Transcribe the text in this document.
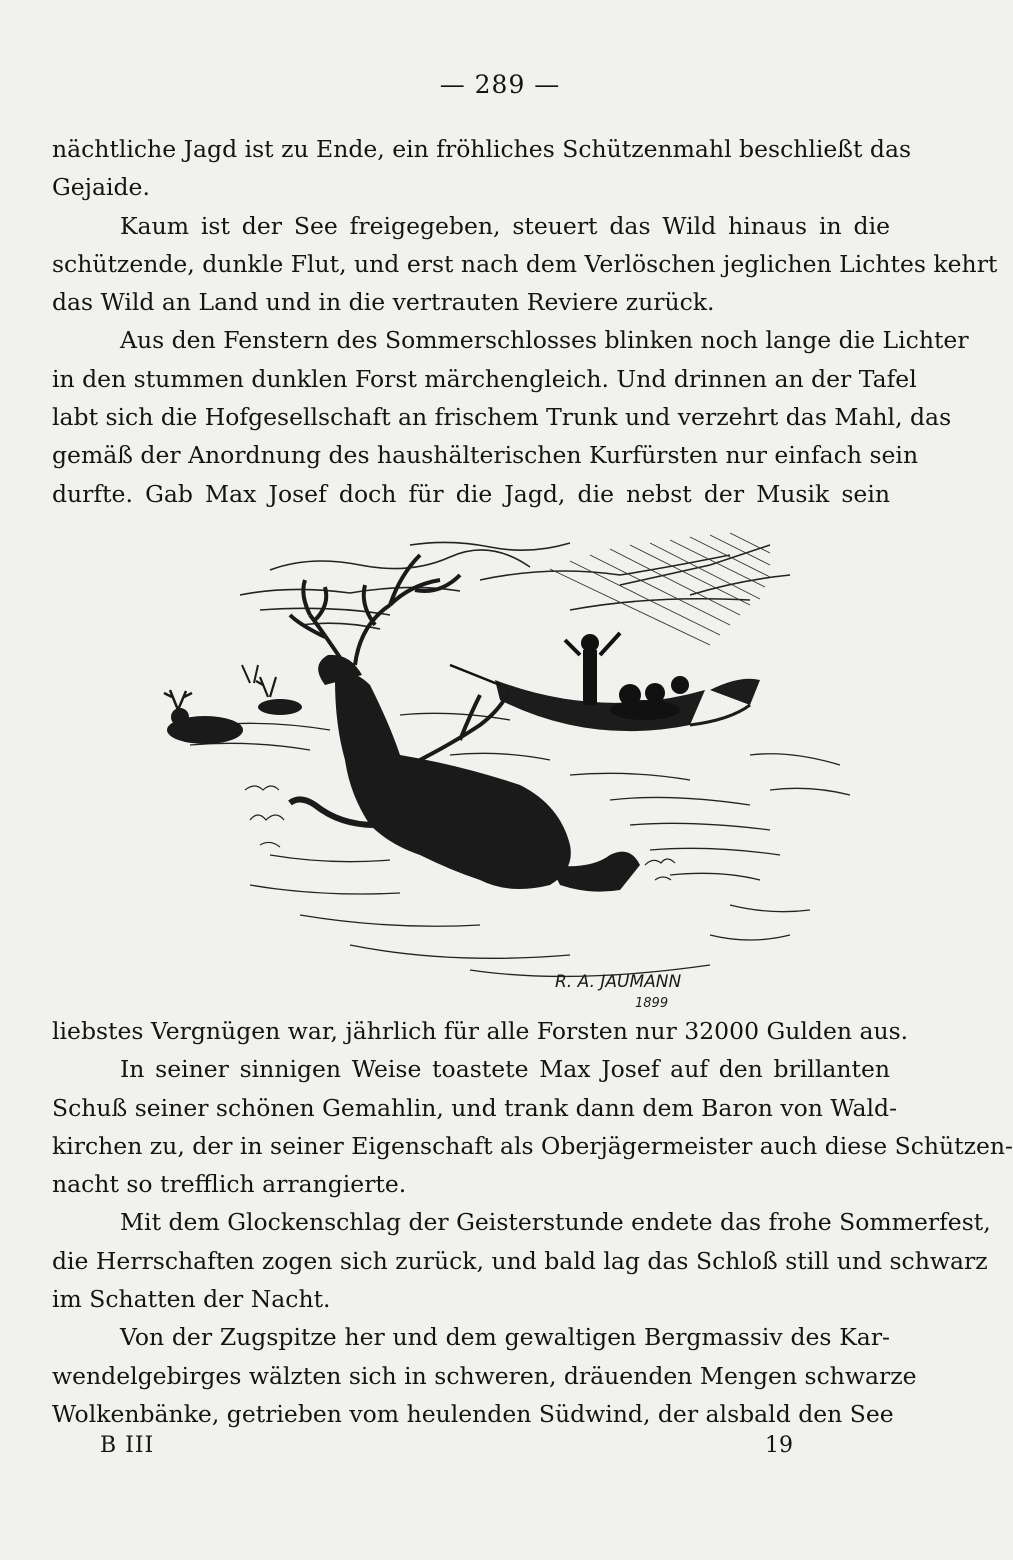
— 289 —
nächtliche Jagd ist zu Ende, ein fröhliches Schützenmahl beschließt das
Gejaide.
Kaum ist der See freigegeben, steuert das Wild hinaus in die
schützende, dunkle Flut, und erst nach dem Verlöschen jeglichen Lichtes kehrt
das Wild an Land und in die vertrauten Reviere zurück.
Aus den Fenstern des Sommerschlosses blinken noch lange die Lichter
in den stummen dunklen Forst märchengleich. Und drinnen an der Tafel
labt sich die Hofgesellschaft an frischem Trunk und verzehrt das Mahl, das
gemäß der Anordnung des haushälterischen Kurfürsten nur einfach sein
durfte. Gab Max Josef doch für die Jagd, die nebst der Musik sein
R. A. JAUMANN
1899
liebstes Vergnügen war, jährlich für alle Forsten nur 32000 Gulden aus.
In seiner sinnigen Weise toastete Max Josef auf den brillanten
Schuß seiner schönen Gemahlin, und trank dann dem Baron von Wald-
kirchen zu, der in seiner Eigenschaft als Oberjägermeister auch diese Schützen-
nacht so trefflich arrangierte.
Mit dem Glockenschlag der Geisterstunde endete das frohe Sommerfest,
die Herrschaften zogen sich zurück, und bald lag das Schloß still und schwarz
im Schatten der Nacht.
Von der Zugspitze her und dem gewaltigen Bergmassiv des Kar-
wendelgebirges wälzten sich in schweren, dräuenden Mengen schwarze
Wolkenbänke, getrieben vom heulenden Südwind, der alsbald den See
B III	19
